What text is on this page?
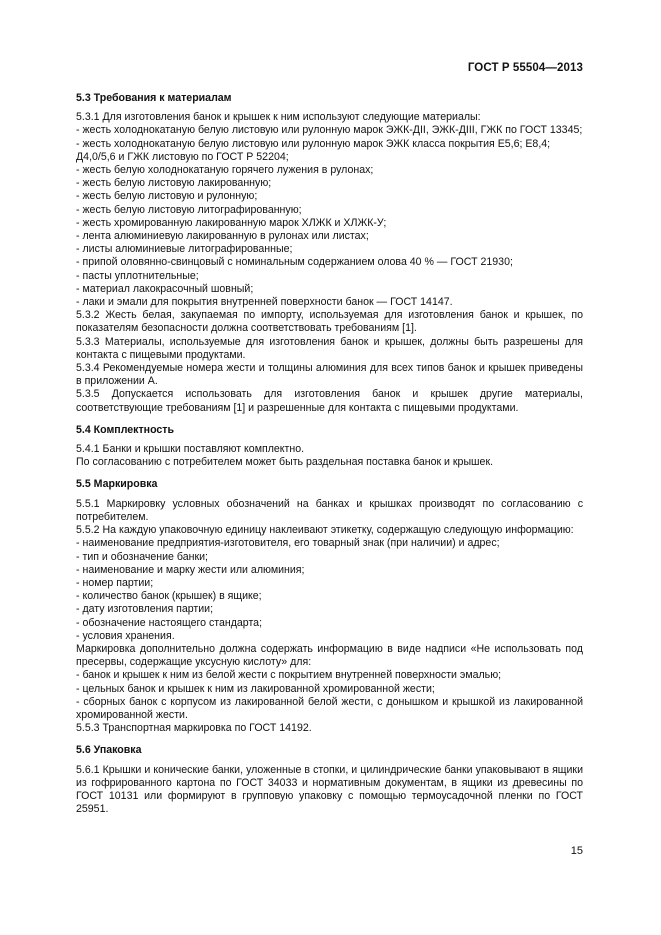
ГОСТ Р 55504—2013
5.3 Требования к материалам

5.3.1 Для изготовления банок и крышек к ним используют следующие материалы:

- жесть холоднокатаную белую листовую или рулонную марок ЭЖК-ДII, ЭЖК-ДIII, ГЖК по ГОСТ 13345;
- жесть холоднокатаную белую листовую или рулонную марок ЭЖК класса покрытия Е5,6; Е8,4; Д4,0/5,6 и ГЖК листовую по ГОСТ Р 52204;
- жесть белую холоднокатаную горячего лужения в рулонах;
- жесть белую листовую лакированную;
- жесть белую листовую и рулонную;
- жесть белую листовую литографированную;
- жесть хромированную лакированную марок ХЛЖК и ХЛЖК-У;
- лента алюминиевую лакированную в рулонах или листах;
- листы алюминиевые литографированные;
- припой оловянно-свинцовый с номинальным содержанием олова 40 % — ГОСТ 21930;
- пасты уплотнительные;
- материал лакокрасочный шовный;
- лаки и эмали для покрытия внутренней поверхности банок — ГОСТ 14147.

5.3.2 Жесть белая, закупаемая по импорту, используемая для изготовления банок и крышек, по показателям безопасности должна соответствовать требованиям [1].

5.3.3 Материалы, используемые для изготовления банок и крышек, должны быть разрешены для контакта с пищевыми продуктами.

5.3.4 Рекомендуемые номера жести и толщины алюминия для всех типов банок и крышек приведены в приложении А.

5.3.5 Допускается использовать для изготовления банок и крышек другие материалы, соответствующие требованиям [1] и разрешенные для контакта с пищевыми продуктами.

5.4 Комплектность

5.4.1 Банки и крышки поставляют комплектно.

По согласованию с потребителем может быть раздельная поставка банок и крышек.

5.5 Маркировка

5.5.1 Маркировку условных обозначений на банках и крышках производят по согласованию с потребителем.

5.5.2 На каждую упаковочную единицу наклеивают этикетку, содержащую следующую информацию:

- наименование предприятия-изготовителя, его товарный знак (при наличии) и адрес;
- тип и обозначение банки;
- наименование и марку жести или алюминия;
- номер партии;
- количество банок (крышек) в ящике;
- дату изготовления партии;
- обозначение настоящего стандарта;
- условия хранения.

Маркировка дополнительно должна содержать информацию в виде надписи «Не использовать под пресервы, содержащие уксусную кислоту» для:

- банок и крышек к ним из белой жести с покрытием внутренней поверхности эмалью;
- цельных банок и крышек к ним из лакированной хромированной жести;
- сборных банок с корпусом из лакированной белой жести, с донышком и крышкой из лакированной хромированной жести.

5.5.3 Транспортная маркировка по ГОСТ 14192.

5.6 Упаковка

5.6.1 Крышки и конические банки, уложенные в стопки, и цилиндрические банки упаковывают в ящики из гофрированного картона по ГОСТ 34033 и нормативным документам, в ящики из древесины по ГОСТ 10131 или формируют в групповую упаковку с помощью термоусадочной пленки по ГОСТ 25951.

15
